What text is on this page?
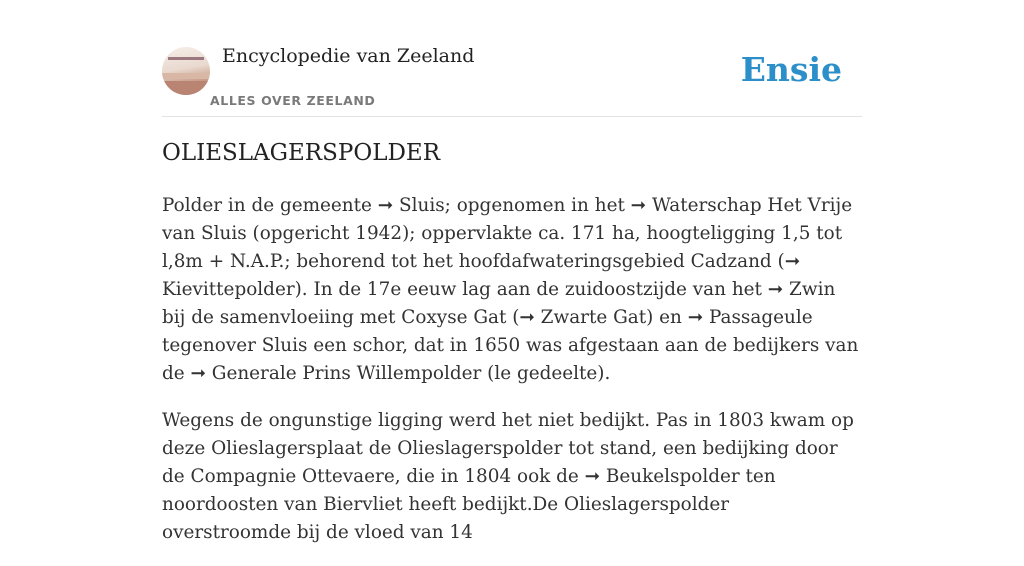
Encyclopedie van Zeeland
ALLES OVER ZEELAND
Ensie
OLIESLAGERSPOLDER

Polder in de gemeente ➞ Sluis; opgenomen in het ➞ Waterschap Het Vrije van Sluis (opgericht 1942); oppervlakte ca. 171 ha, hoogteligging 1,5 tot l,8m + N.A.P.; behorend tot het hoofdafwateringsgebied Cadzand (➞ Kievittepolder). In de 17e eeuw lag aan de zuidoostzijde van het ➞ Zwin bij de samenvloeiing met Coxyse Gat (➞ Zwarte Gat) en ➞ Passageule tegenover Sluis een schor, dat in 1650 was afgestaan aan de bedijkers van de ➞ Generale Prins Willempolder (le gedeelte).

Wegens de ongunstige ligging werd het niet bedijkt. Pas in 1803 kwam op deze Olieslagersplaat de Olieslagerspolder tot stand, een bedijking door de Compagnie Ottevaere, die in 1804 ook de ➞ Beukelspolder ten noordoosten van Biervliet heeft bedijkt.De Olieslagerspolder overstroomde bij de vloed van 14
